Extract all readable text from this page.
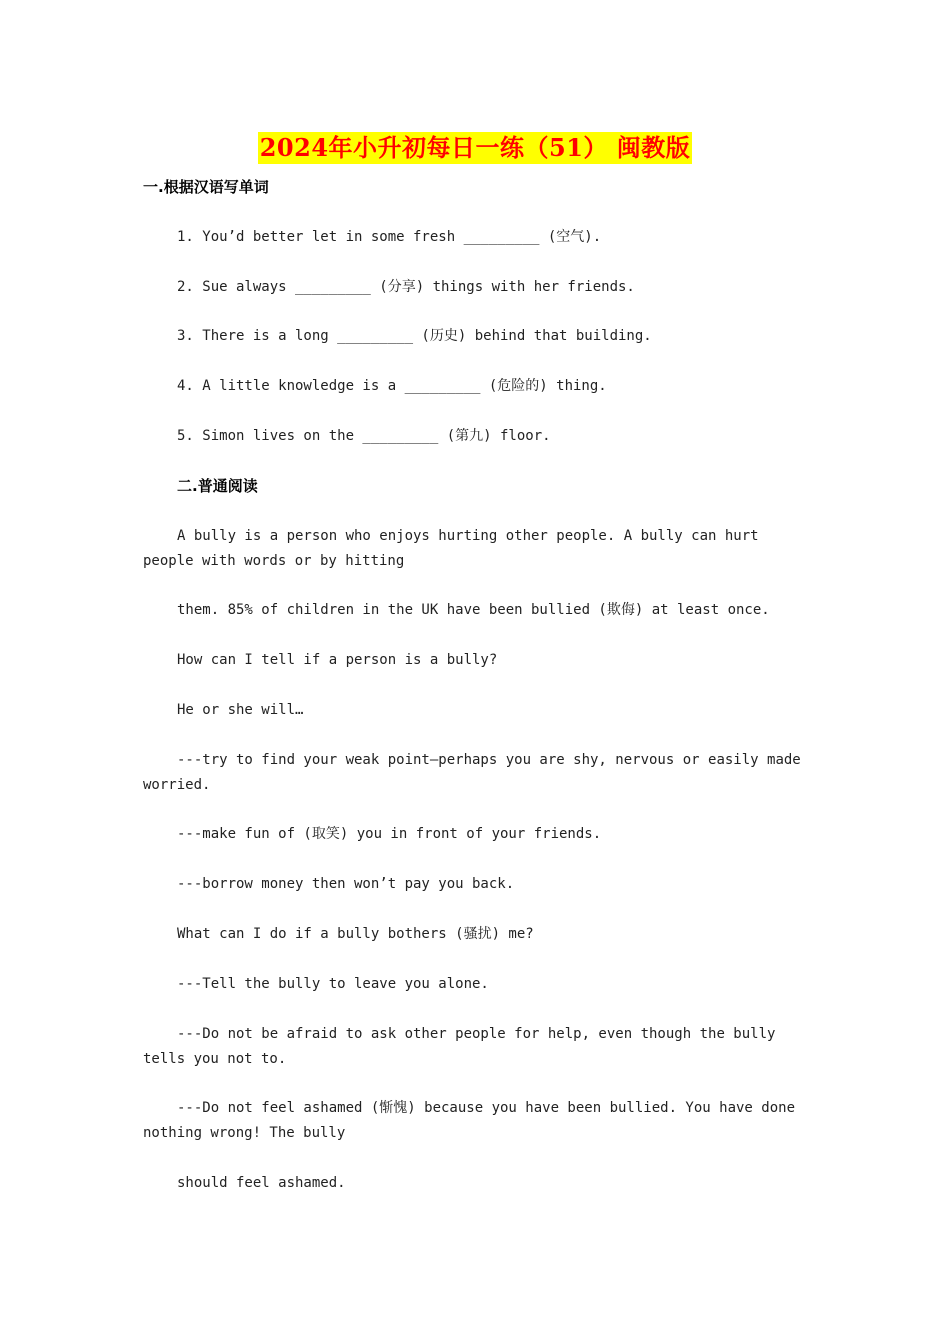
2024年小升初每日一练（51） 闽教版
一.根据汉语写单词
1. You’d better let in some fresh _________ (空气).
2. Sue always _________ (分享) things with her friends.
3. There is a long _________ (历史) behind that building.
4. A little knowledge is a _________ (危险的) thing.
5. Simon lives on the _________ (第九) floor.
二.普通阅读
A bully is a person who enjoys hurting other people. A bully can hurt
people with words or by hitting
them. 85% of children in the UK have been bullied (欺侮) at least once.
How can I tell if a person is a bully?
He or she will…
---try to find your weak point—perhaps you are shy, nervous or easily made
worried.
---make fun of (取笑) you in front of your friends.
---borrow money then won’t pay you back.
What can I do if a bully bothers (骚扰) me?
---Tell the bully to leave you alone.
---Do not be afraid to ask other people for help, even though the bully
tells you not to.
---Do not feel ashamed (惭愧) because you have been bullied. You have done
nothing wrong! The bully
should feel ashamed.
